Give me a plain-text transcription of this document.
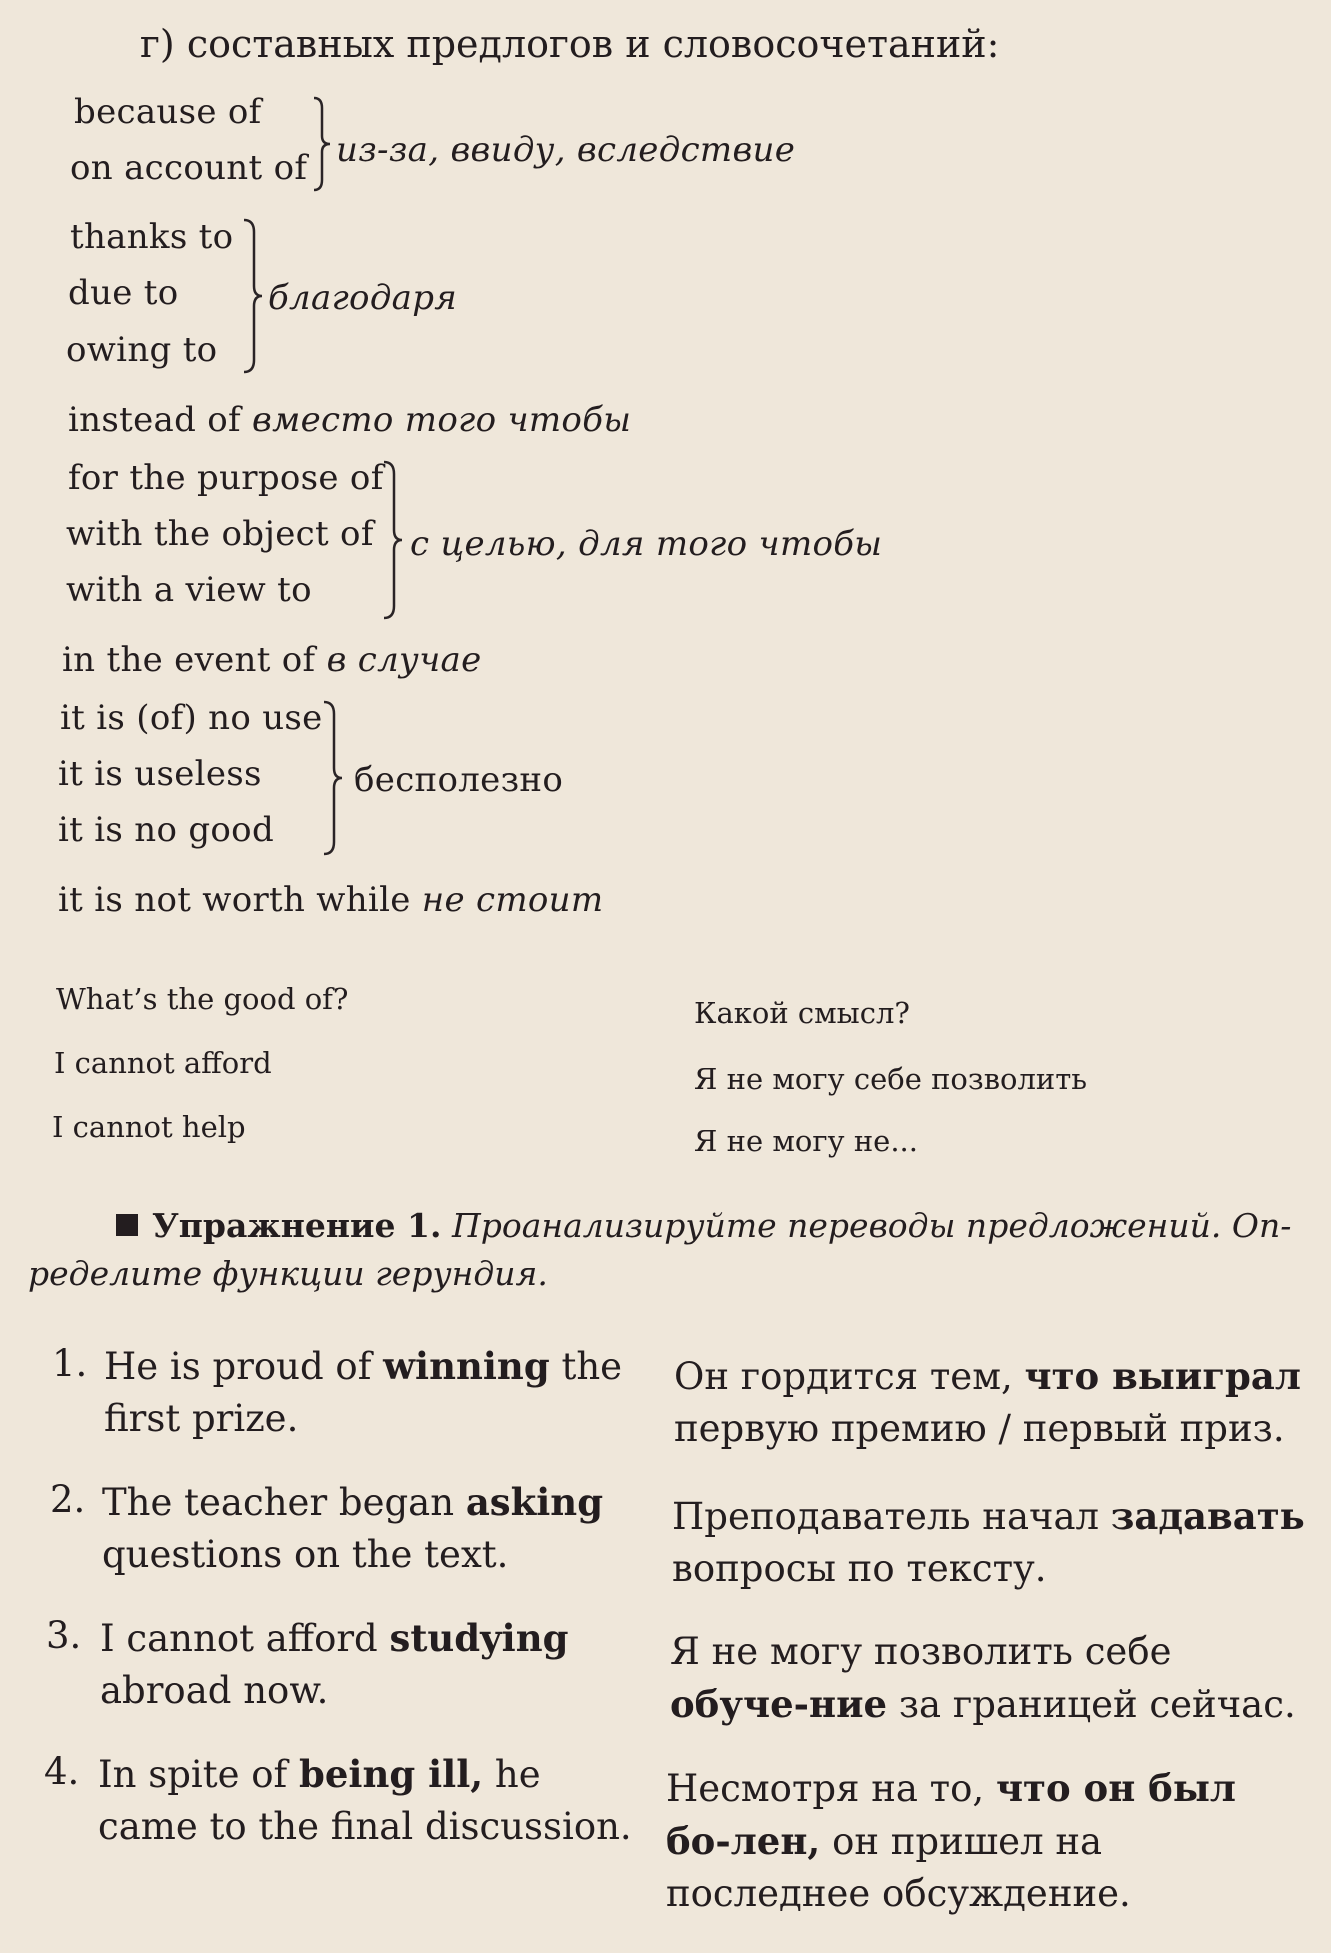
г) составных предлогов и словосочетаний:
because of
on account of из-за, ввиду, вследствие
thanks to
due to
owing to
благодаря
instead of вместо того чтобы
for the purpose of
with the object of
with a view to
с целью, для того чтобы
in the event of в случае
it is (of) no use
it is useless
it is no good
бесполезно
it is not worth while не стоит
What’s the good of?	Какой смысл?
I cannot afford	Я не могу себе позволить
I cannot help	Я не могу не...
Упражнение 1. Проанализируйте переводы предложений. Оп-
ределите функции герундия.
1. He is proud of winning the first prize.
Он гордится тем, что выиграл первую премию / первый приз.
2. The teacher began asking questions on the text.
Преподаватель начал задавать вопросы по тексту.
3. I cannot afford studying abroad now.
Я не могу позволить себе обуче-ние за границей сейчас.
4. In spite of being ill, he came to the final discussion.
Несмотря на то, что он был бо-лен, он пришел на последнее обсуждение.
